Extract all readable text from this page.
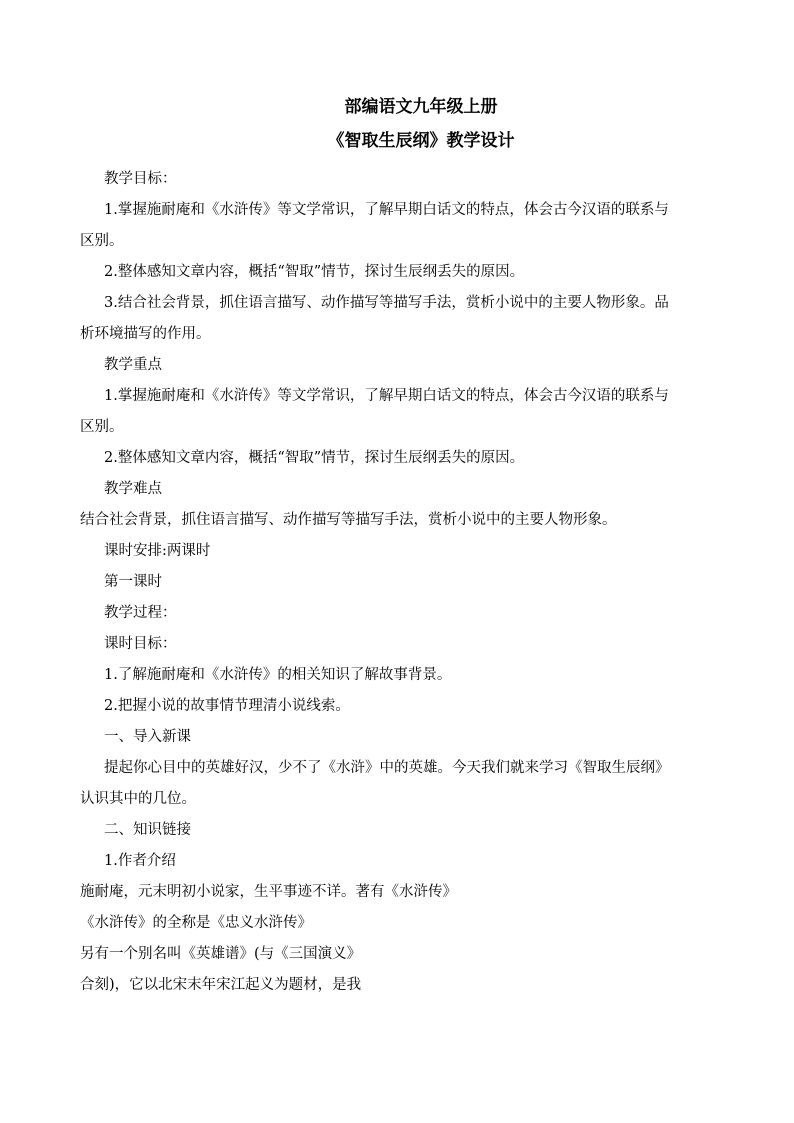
部编语文九年级上册
《智取生辰纲》教学设计

教学目标：

1.掌握施耐庵和《水浒传》等文学常识，了解早期白话文的特点，体会古今汉语的联系与
区别。

2.整体感知文章内容，概括“智取”情节，探讨生辰纲丢失的原因。

3.结合社会背景，抓住语言描写、动作描写等描写手法，赏析小说中的主要人物形象。品
析环境描写的作用。

教学重点

1.掌握施耐庵和《水浒传》等文学常识，了解早期白话文的特点，体会古今汉语的联系与
区别。

2.整体感知文章内容，概括“智取”情节，探讨生辰纲丢失的原因。

教学难点

结合社会背景，抓住语言描写、动作描写等描写手法，赏析小说中的主要人物形象。

课时安排:两课时

第一课时

教学过程：

课时目标：

1.了解施耐庵和《水浒传》的相关知识了解故事背景。

2.把握小说的故事情节理清小说线索。

一、导入新课

提起你心目中的英雄好汉，少不了《水浒》中的英雄。今天我们就来学习《智取生辰纲》
认识其中的几位。

二、知识链接

1.作者介绍

施耐庵，元末明初小说家，生平事迹不详。著有《水浒传》

《水浒传》的全称是《忠义水浒传》

另有一个别名叫《英雄谱》(与《三国演义》

合刻)，它以北宋末年宋江起义为题材，是我
